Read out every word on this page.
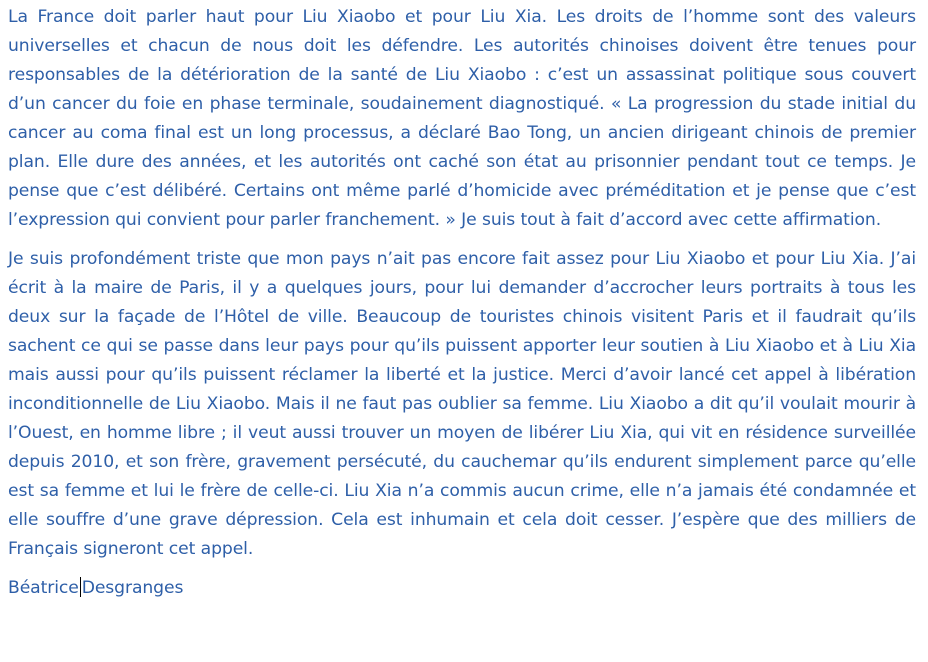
La France doit parler haut pour Liu Xiaobo et pour Liu Xia. Les droits de l’homme sont des valeurs universelles et chacun de nous doit les défendre. Les autorités chinoises doivent être tenues pour responsables de la détérioration de la santé de Liu Xiaobo : c’est un assassinat politique sous couvert d’un cancer du foie en phase terminale, soudainement diagnostiqué. « La progression du stade initial du cancer au coma final est un long processus, a déclaré Bao Tong, un ancien dirigeant chinois de premier plan. Elle dure des années, et les autorités ont caché son état au prisonnier pendant tout ce temps. Je pense que c’est délibéré. Certains ont même parlé d’homicide avec préméditation et je pense que c’est l’expression qui convient pour parler franchement. » Je suis tout à fait d’accord avec cette affirmation.

Je suis profondément triste que mon pays n’ait pas encore fait assez pour Liu Xiaobo et pour Liu Xia. J’ai écrit à la maire de Paris, il y a quelques jours, pour lui demander d’accrocher leurs portraits à tous les deux sur la façade de l’Hôtel de ville. Beaucoup de touristes chinois visitent Paris et il faudrait qu’ils sachent ce qui se passe dans leur pays pour qu’ils puissent apporter leur soutien à Liu Xiaobo et à Liu Xia mais aussi pour qu’ils puissent réclamer la liberté et la justice. Merci d’avoir lancé cet appel à libération inconditionnelle de Liu Xiaobo. Mais il ne faut pas oublier sa femme. Liu Xiaobo a dit qu’il voulait mourir à l’Ouest, en homme libre ; il veut aussi trouver un moyen de libérer Liu Xia, qui vit en résidence surveillée depuis 2010, et son frère, gravement persécuté, du cauchemar qu’ils endurent simplement parce qu’elle est sa femme et lui le frère de celle-ci. Liu Xia n’a commis aucun crime, elle n’a jamais été condamnée et elle souffre d’une grave dépression. Cela est inhumain et cela doit cesser. J’espère que des milliers de Français signeront cet appel.

Béatrice Desgranges
